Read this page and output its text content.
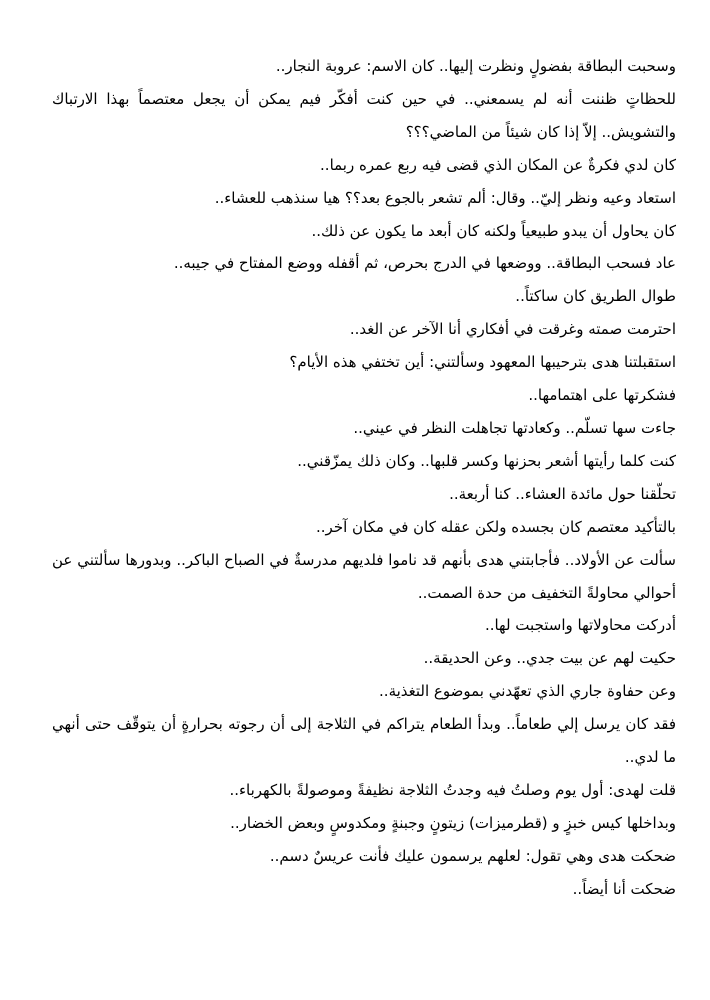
وسحبت البطاقة بفضولٍ ونظرت إليها.. كان الاسم: عروبة النجار..

للحظاتٍ ظننت أنه لم يسمعني.. في حين كنت أفكّر فيم يمكن أن يجعل معتصماً بهذا الارتباك والتشويش.. إلاّ إذا كان شيئاً من الماضي؟؟؟

كان لدي فكرةٌ عن المكان الذي قضى فيه ربع عمره ربما..

استعاد وعيه ونظر إليّ.. وقال: ألم تشعر بالجوع بعد؟؟ هيا سنذهب للعشاء..

كان يحاول أن يبدو طبيعياً ولكنه كان أبعد ما يكون عن ذلك..

عاد فسحب البطاقة.. ووضعها في الدرج بحرص، ثم أقفله ووضع المفتاح في جيبه..

طوال الطريق كان ساكتاً..

احترمت صمته وغرقت في أفكاري أنا الآخر عن الغد..

استقبلتنا هدى بترحيبها المعهود وسألتني: أين تختفي هذه الأيام؟

فشكرتها على اهتمامها..

جاءت سها تسلّم.. وكعادتها تجاهلت النظر في عيني..

كنت كلما رأيتها أشعر بحزنها وكسر قلبها.. وكان ذلك يمزّقني..

تحلّقنا حول مائدة العشاء.. كنا أربعة..

بالتأكيد معتصم كان بجسده ولكن عقله كان في مكان آخر..

سألت عن الأولاد.. فأجابتني هدى بأنهم قد ناموا فلديهم مدرسةٌ في الصباح الباكر.. وبدورها سألتني عن أحوالي محاولةً التخفيف من حدة الصمت..

أدركت محاولاتها واستجبت لها..

حكيت لهم عن بيت جدي.. وعن الحديقة..

وعن حفاوة جاري الذي تعهّدني بموضوع التغذية..

فقد كان يرسل إلي طعاماً.. وبدأ الطعام يتراكم في الثلاجة إلى أن رجوته بحرارةٍ أن يتوقّف حتى أنهي ما لدي..

قلت لهدى: أول يوم وصلتُ فيه وجدتُ الثلاجة نظيفةً وموصولةً بالكهرباء..

وبداخلها كيس خبزٍ و (قطرميزات) زيتونٍ وجبنةٍ ومكدوسٍ وبعض الخضار..

ضحكت هدى وهي تقول: لعلهم يرسمون عليك فأنت عريسٌ دسم..

ضحكت أنا أيضاً..
